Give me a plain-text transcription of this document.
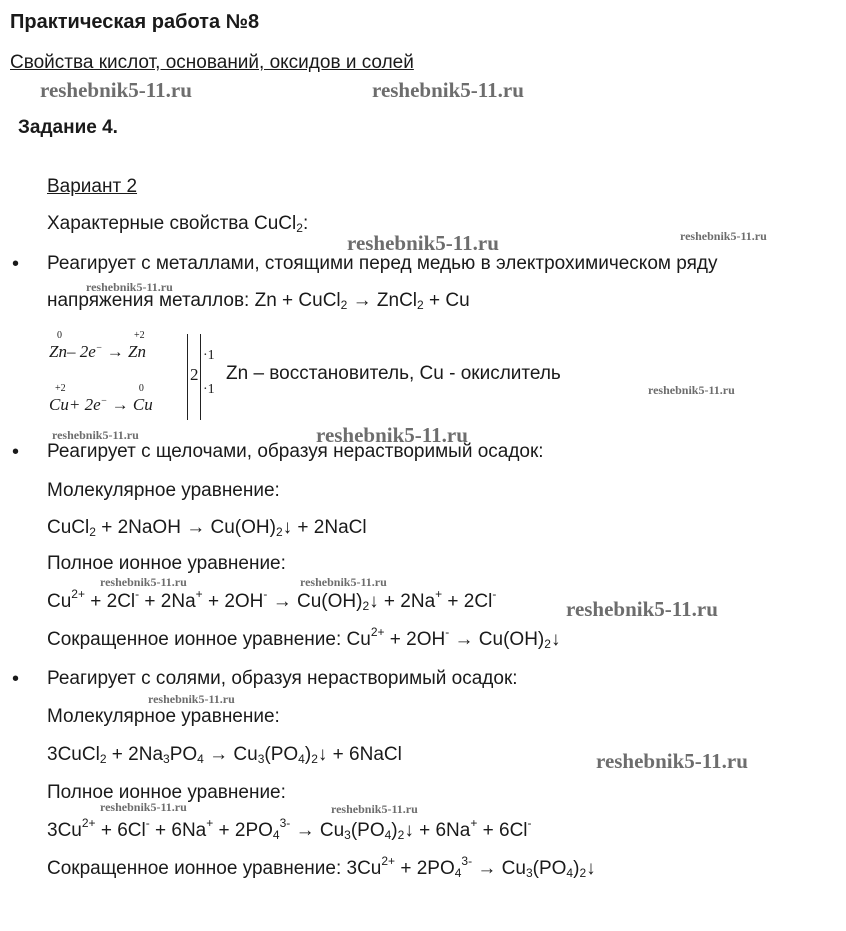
Практическая работа №8
Свойства кислот, оснований, оксидов и солей
reshebnik5-11.ru	reshebnik5-11.ru
reshebnik5-11.ru	reshebnik5-11.ru
reshebnik5-11.ru
reshebnik5-11.ru
reshebnik5-11.ru	reshebnik5-11.ru
reshebnik5-11.ru	reshebnik5-11.ru
reshebnik5-11.ru
reshebnik5-11.ru
reshebnik5-11.ru
reshebnik5-11.ru	reshebnik5-11.ru
Задание 4.
Вариант 2
Характерные свойства CuCl$_2$:
• Реагирует с металлами, стоящими перед медью в электрохимическом ряду
напряжения металлов: Zn + CuCl$_2$ → ZnCl$_2$ + Cu
0
Zn– 2e− →
+2
Zn
+2
Cu+ 2e− →
0
Cu
2
·1
·1
Zn – восстановитель, Cu - окислитель
• Реагирует с щелочами, образуя нерастворимый осадок:
Молекулярное уравнение:
CuCl$_2$ + 2NaOH → $Cu(OH)_2↓$ + 2NaCl
Полное ионное уравнение:
$Cu^{2+} + 2Cl^- + 2Na^+ + 2OH^-$ → $Cu(OH)_2↓ + 2Na^+ + 2Cl^-$
Сокращенное ионное уравнение: $Cu^{2+} + 2OH^-$ → $Cu(OH)_2↓$
• Реагирует с солями, образуя нерастворимый осадок:
Молекулярное уравнение:
3CuCl$_2$ + $2Na_3PO_4$ → $Cu_3(PO_4)_2↓$ + 6NaCl
Полное ионное уравнение:
$3Cu^{2+} + 6Cl^- + 6Na^+ + 2PO_4^{3-}$ → $Cu_3(PO_4)_2↓ + 6Na^+ + 6Cl^-$
Сокращенное ионное уравнение: $3Cu^{2+} + 2PO_4^{3-}$ → $Cu_3(PO_4)_2↓$
